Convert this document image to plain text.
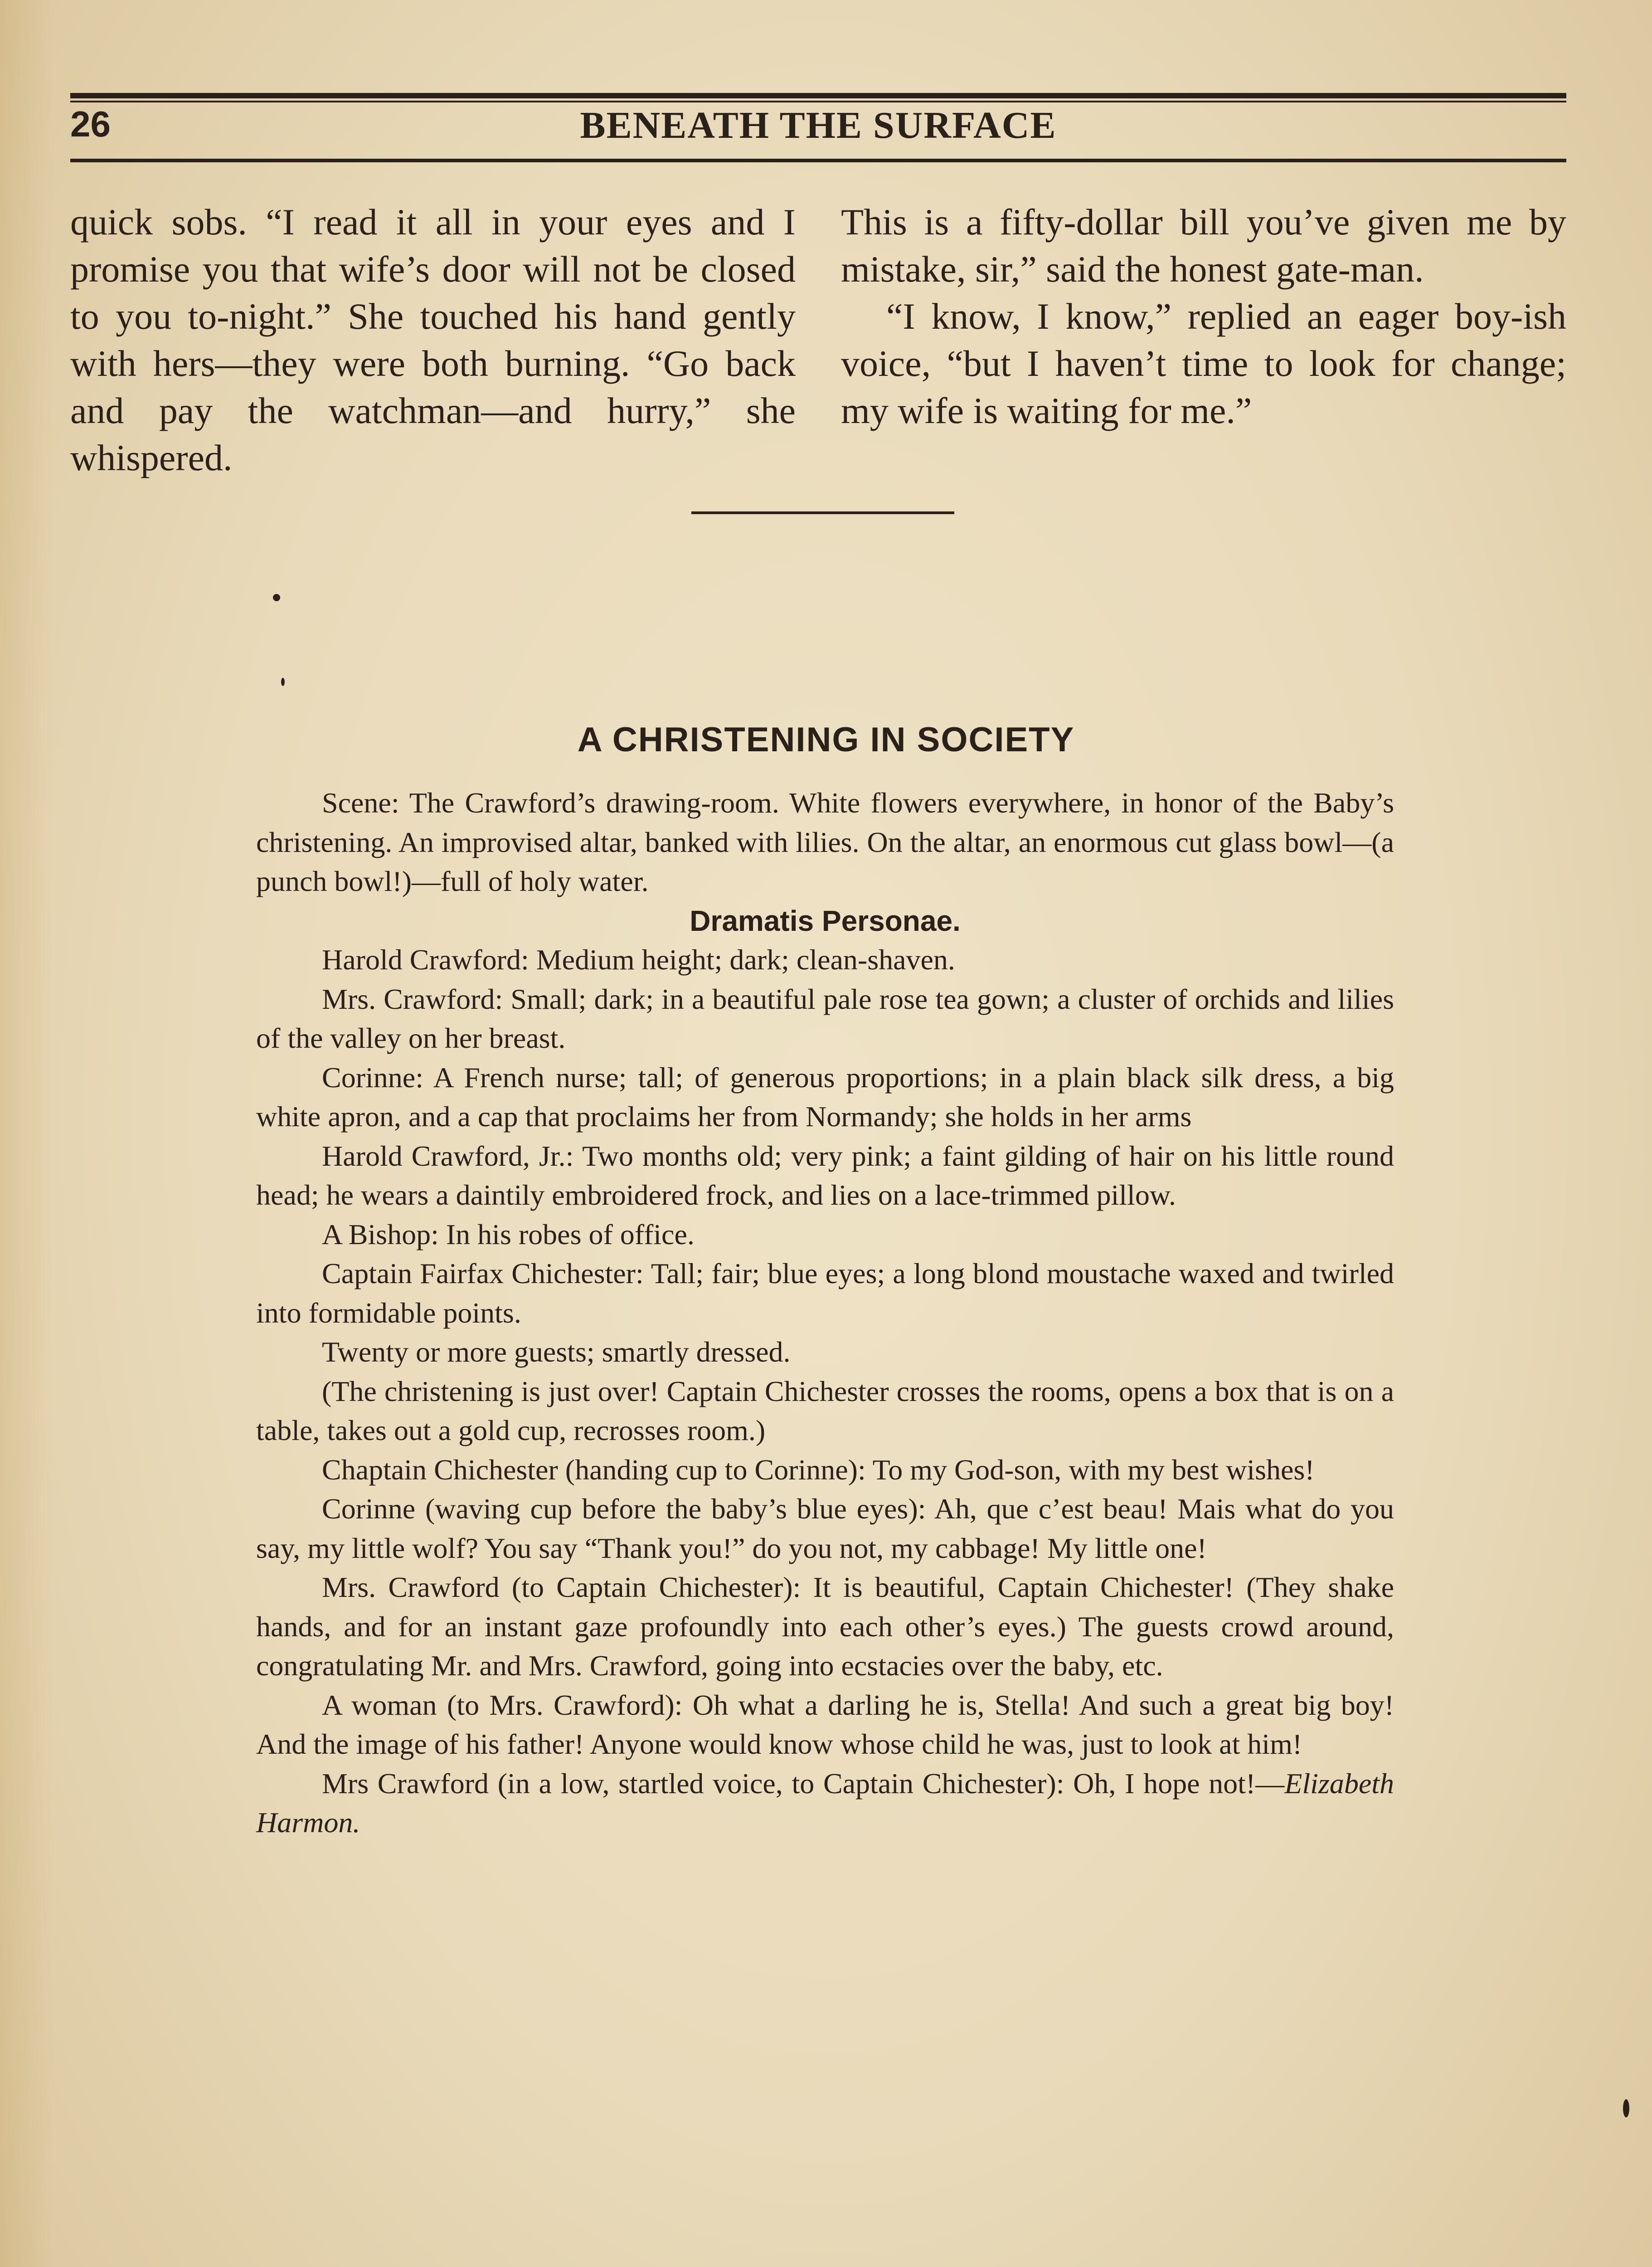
26	BENEATH THE SURFACE

quick sobs. “I read it all in your eyes and I promise you that wife’s door will not be closed to you to-night.” She touched his hand gently with hers—they were both burning. “Go back and pay the watchman—and hurry,” she whispered.

This is a fifty-dollar bill you’ve given me by mistake, sir,” said the honest gate-man.

“I know, I know,” replied an eager boy-ish voice, “but I haven’t time to look for change; my wife is waiting for me.”

A CHRISTENING IN SOCIETY

Scene: The Crawford’s drawing-room. White flowers everywhere, in honor of the Baby’s christening. An improvised altar, banked with lilies. On the altar, an enormous cut glass bowl—(a punch bowl!)—full of holy water.

Dramatis Personae.

Harold Crawford: Medium height; dark; clean-shaven.

Mrs. Crawford: Small; dark; in a beautiful pale rose tea gown; a cluster of orchids and lilies of the valley on her breast.

Corinne: A French nurse; tall; of generous proportions; in a plain black silk dress, a big white apron, and a cap that proclaims her from Normandy; she holds in her arms

Harold Crawford, Jr.: Two months old; very pink; a faint gilding of hair on his little round head; he wears a daintily embroidered frock, and lies on a lace-trimmed pillow.

A Bishop: In his robes of office.

Captain Fairfax Chichester: Tall; fair; blue eyes; a long blond moustache waxed and twirled into formidable points.

Twenty or more guests; smartly dressed.

(The christening is just over! Captain Chichester crosses the rooms, opens a box that is on a table, takes out a gold cup, recrosses room.)

Chaptain Chichester (handing cup to Corinne): To my God-son, with my best wishes!

Corinne (waving cup before the baby’s blue eyes): Ah, que c’est beau! Mais what do you say, my little wolf? You say “Thank you!” do you not, my cabbage! My little one!

Mrs. Crawford (to Captain Chichester): It is beautiful, Captain Chichester! (They shake hands, and for an instant gaze profoundly into each other’s eyes.) The guests crowd around, congratulating Mr. and Mrs. Crawford, going into ecstacies over the baby, etc.

A woman (to Mrs. Crawford): Oh what a darling he is, Stella! And such a great big boy! And the image of his father! Anyone would know whose child he was, just to look at him!

Mrs Crawford (in a low, startled voice, to Captain Chichester): Oh, I hope not!—Elizabeth Harmon.
